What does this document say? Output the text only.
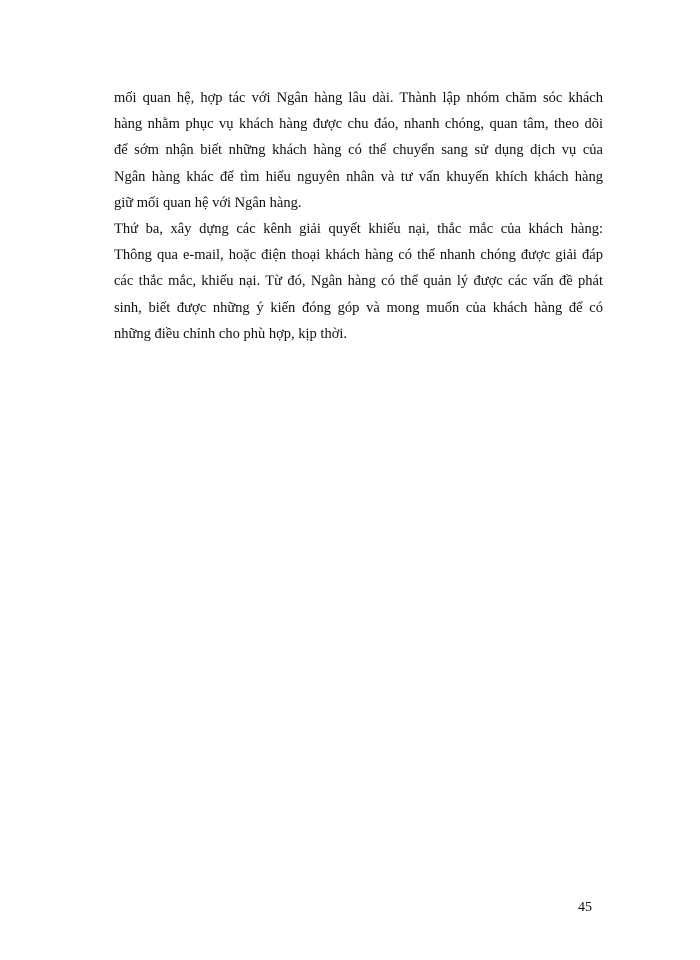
mối quan hệ, hợp tác với Ngân hàng lâu dài. Thành lập nhóm chăm sóc khách
hàng nhằm phục vụ khách hàng được chu đáo, nhanh chóng, quan tâm, theo dõi
để sớm nhận biết những khách hàng có thể chuyển sang sử dụng dịch vụ của
Ngân hàng khác để tìm hiểu nguyên nhân và tư vấn khuyến khích khách hàng
giữ mối quan hệ với Ngân hàng.
Thứ ba, xây dựng các kênh giải quyết khiếu nại, thắc mắc của khách hàng:
Thông qua e-mail, hoặc điện thoại khách hàng có thể nhanh chóng được giải đáp
các thắc mắc, khiếu nại. Từ đó, Ngân hàng có thể quản lý được các vấn đề phát
sinh, biết được những ý kiến đóng góp và mong muốn của khách hàng để có
những điều chỉnh cho phù hợp, kịp thời.
45
